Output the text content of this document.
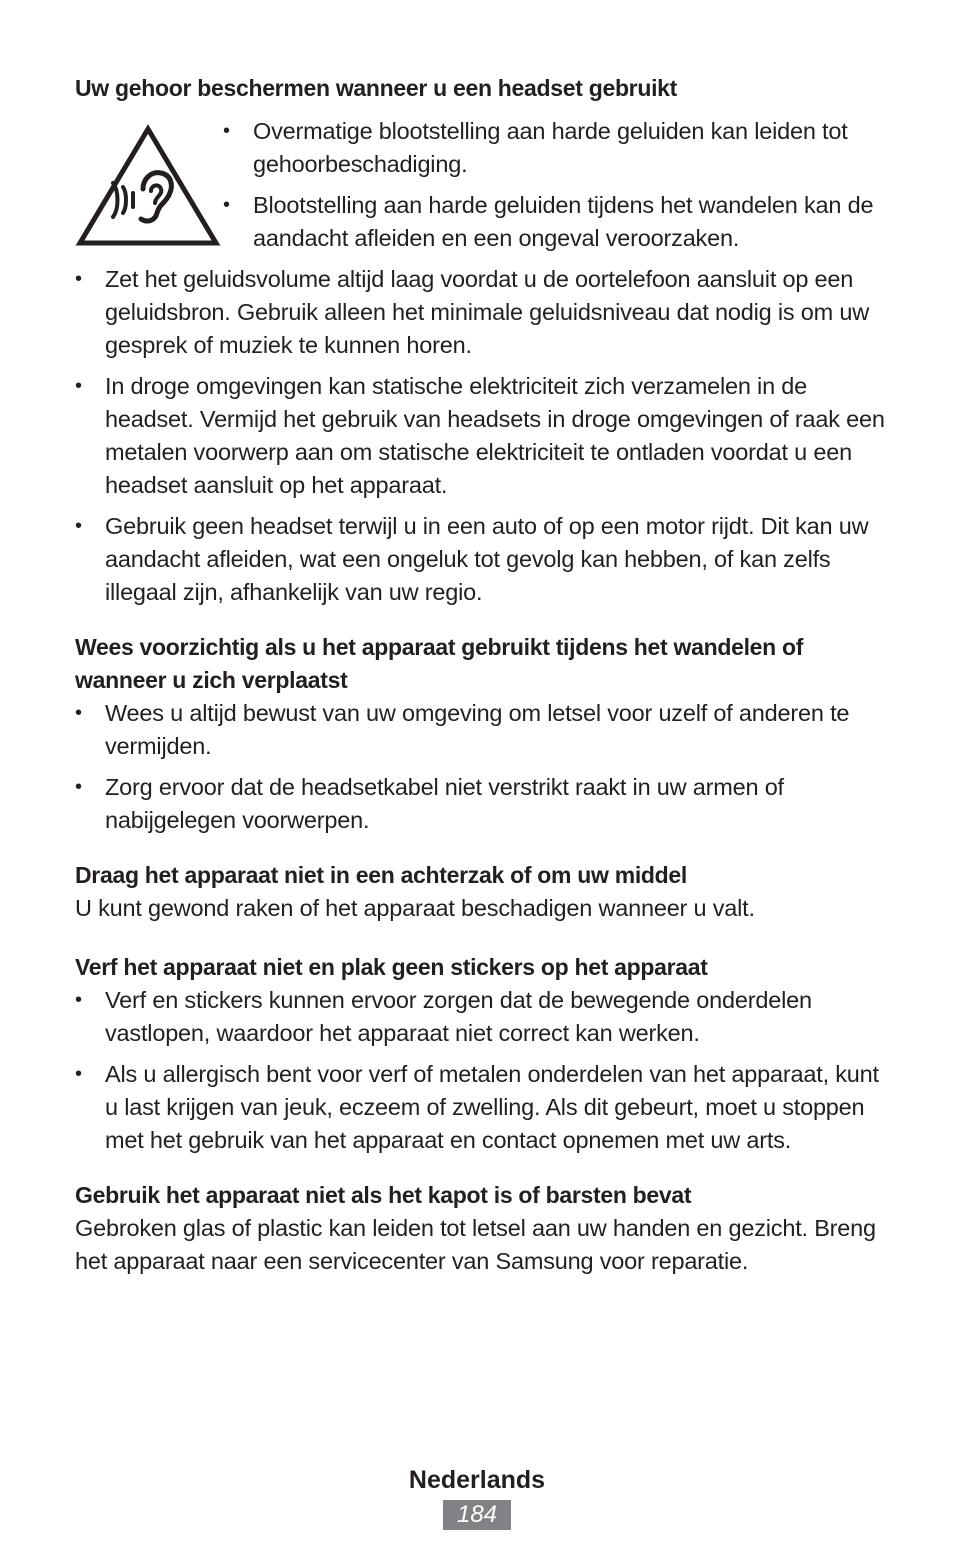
Uw gehoor beschermen wanneer u een headset gebruikt
• Overmatige blootstelling aan harde geluiden kan leiden tot gehoorbeschadiging.
• Blootstelling aan harde geluiden tijdens het wandelen kan de aandacht afleiden en een ongeval veroorzaken.
• Zet het geluidsvolume altijd laag voordat u de oortelefoon aansluit op een geluidsbron. Gebruik alleen het minimale geluidsniveau dat nodig is om uw gesprek of muziek te kunnen horen.
• In droge omgevingen kan statische elektriciteit zich verzamelen in de headset. Vermijd het gebruik van headsets in droge omgevingen of raak een metalen voorwerp aan om statische elektriciteit te ontladen voordat u een headset aansluit op het apparaat.
• Gebruik geen headset terwijl u in een auto of op een motor rijdt. Dit kan uw aandacht afleiden, wat een ongeluk tot gevolg kan hebben, of kan zelfs illegaal zijn, afhankelijk van uw regio.
Wees voorzichtig als u het apparaat gebruikt tijdens het wandelen of wanneer u zich verplaatst
• Wees u altijd bewust van uw omgeving om letsel voor uzelf of anderen te vermijden.
• Zorg ervoor dat de headsetkabel niet verstrikt raakt in uw armen of nabijgelegen voorwerpen.
Draag het apparaat niet in een achterzak of om uw middel

U kunt gewond raken of het apparaat beschadigen wanneer u valt.

Verf het apparaat niet en plak geen stickers op het apparaat
• Verf en stickers kunnen ervoor zorgen dat de bewegende onderdelen vastlopen, waardoor het apparaat niet correct kan werken.
• Als u allergisch bent voor verf of metalen onderdelen van het apparaat, kunt u last krijgen van jeuk, eczeem of zwelling. Als dit gebeurt, moet u stoppen met het gebruik van het apparaat en contact opnemen met uw arts.
Gebruik het apparaat niet als het kapot is of barsten bevat

Gebroken glas of plastic kan leiden tot letsel aan uw handen en gezicht. Breng het apparaat naar een servicecenter van Samsung voor reparatie.

Nederlands
184
